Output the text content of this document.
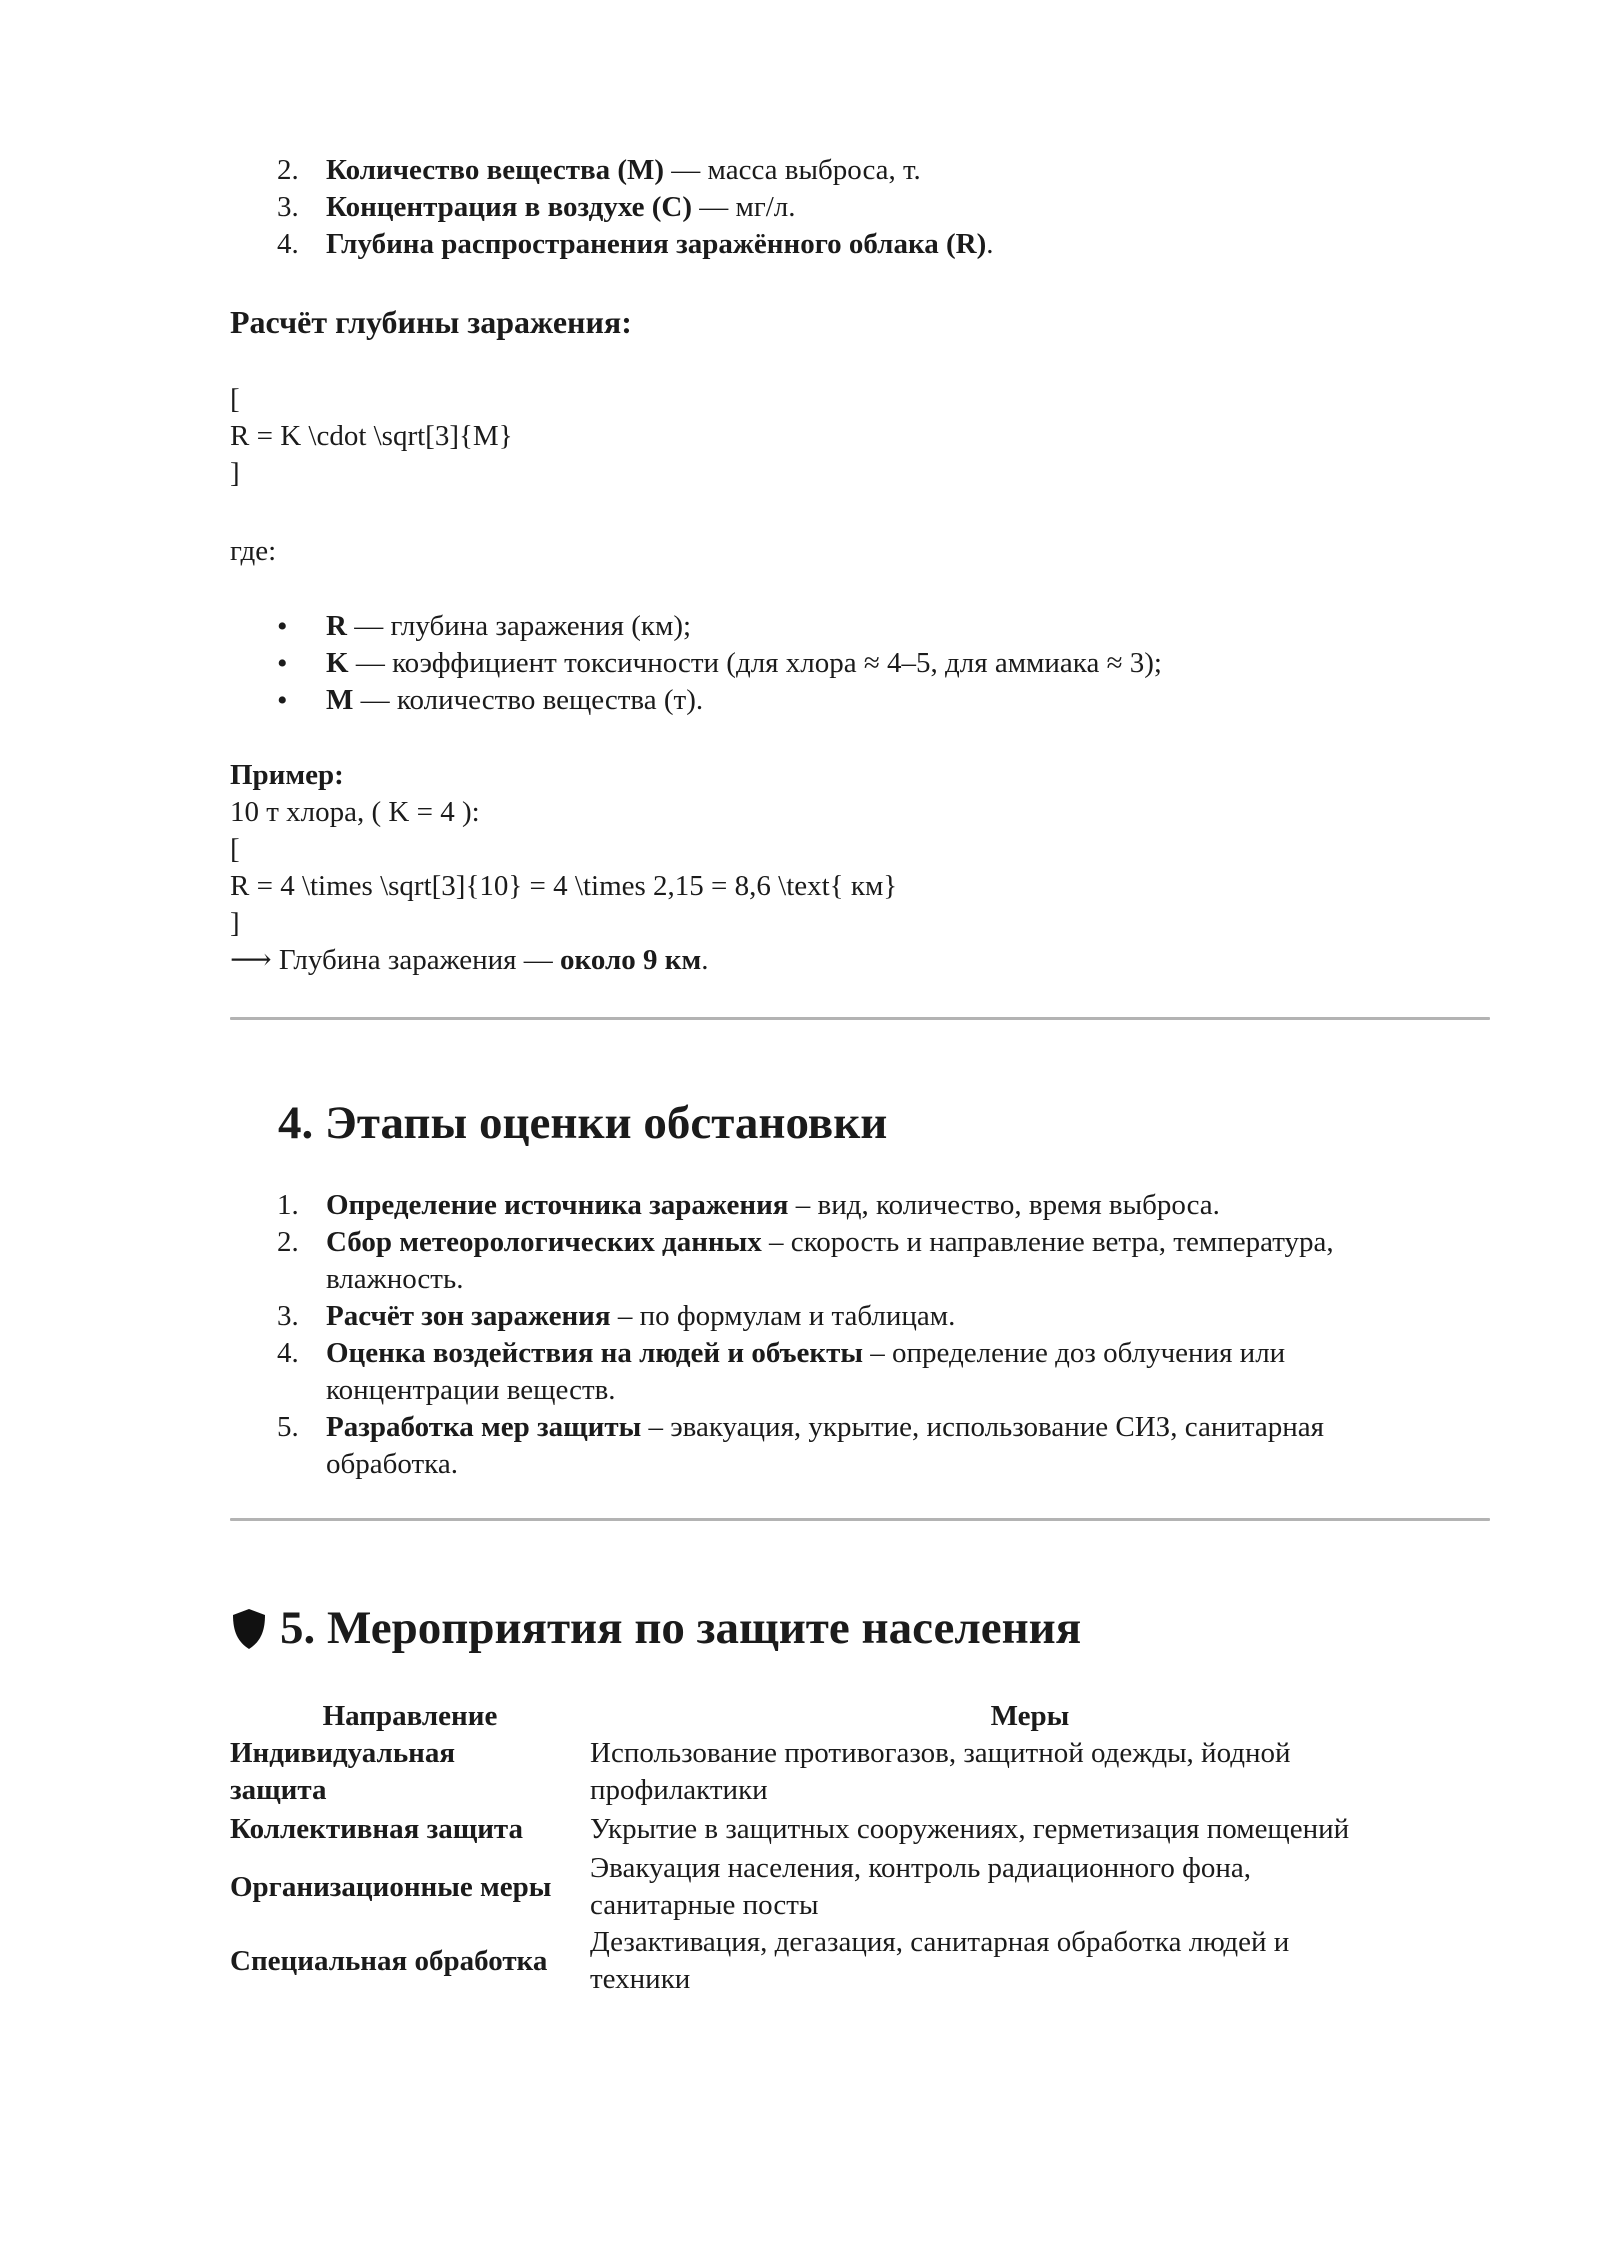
2. Количество вещества (M) — масса выброса, т.
3. Концентрация в воздухе (C) — мг/л.
4. Глубина распространения заражённого облака (R).
Расчёт глубины заражения:
[
R = K \cdot \sqrt[3]{M}
]
где:
• R — глубина заражения (км);
• K — коэффициент токсичности (для хлора ≈ 4–5, для аммиака ≈ 3);
• M — количество вещества (т).
Пример:
10 т хлора, ( K = 4 ):
[
R = 4 \times \sqrt[3]{10} = 4 \times 2,15 = 8,6 \text{ км}
]
⟶ Глубина заражения — около 9 км.
4. Этапы оценки обстановки
1. Определение источника заражения – вид, количество, время выброса.
2. Сбор метеорологических данных – скорость и направление ветра, температура,
влажность.
3. Расчёт зон заражения – по формулам и таблицам.
4. Оценка воздействия на людей и объекты – определение доз облучения или
концентрации веществ.
5. Разработка мер защиты – эвакуация, укрытие, использование СИЗ, санитарная
обработка.
5. Мероприятия по защите населения
Направление	Меры
Индивидуальная
защита	Использование противогазов, защитной одежды, йодной
профилактики
Коллективная защита	Укрытие в защитных сооружениях, герметизация помещений
Организационные меры	Эвакуация населения, контроль радиационного фона,
санитарные посты
Специальная обработка	Дезактивация, дегазация, санитарная обработка людей и
техники
